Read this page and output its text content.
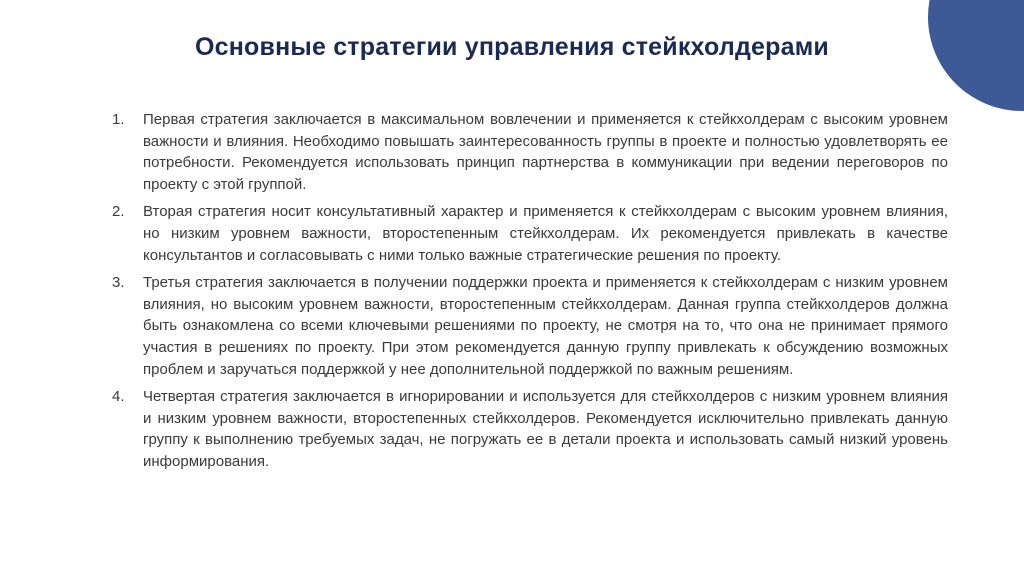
Основные стратегии управления стейкхолдерами
1.	Первая стратегия заключается в максимальном вовлечении и применяется к стейкхолдерам с высоким уровнем важности и влияния. Необходимо повышать заинтересованность группы в проекте и полностью удовлетворять ее потребности. Рекомендуется использовать принцип партнерства в коммуникации при ведении переговоров по проекту с этой группой.

2.	Вторая стратегия носит консультативный характер и применяется к стейкхолдерам с высоким уровнем влияния, но низким уровнем важности, второстепенным стейкхолдерам. Их рекомендуется привлекать в качестве консультантов и согласовывать с ними только важные стратегические решения по проекту.

3.	Третья стратегия заключается в получении поддержки проекта и применяется к стейкхолдерам с низким уровнем влияния, но высоким уровнем важности, второстепенным стейкхолдерам. Данная группа стейкхолдеров должна быть ознакомлена со всеми ключевыми решениями по проекту, не смотря на то, что она не принимает прямого участия в решениях по проекту. При этом рекомендуется данную группу привлекать к обсуждению возможных проблем и заручаться поддержкой у нее дополнительной поддержкой по важным решениям.

4.	Четвертая стратегия заключается в игнорировании и используется для стейкхолдеров с низким уровнем влияния и низким уровнем важности, второстепенных стейкхолдеров. Рекомендуется исключительно привлекать данную группу к выполнению требуемых задач, не погружать ее в детали проекта и использовать самый низкий уровень информирования.
